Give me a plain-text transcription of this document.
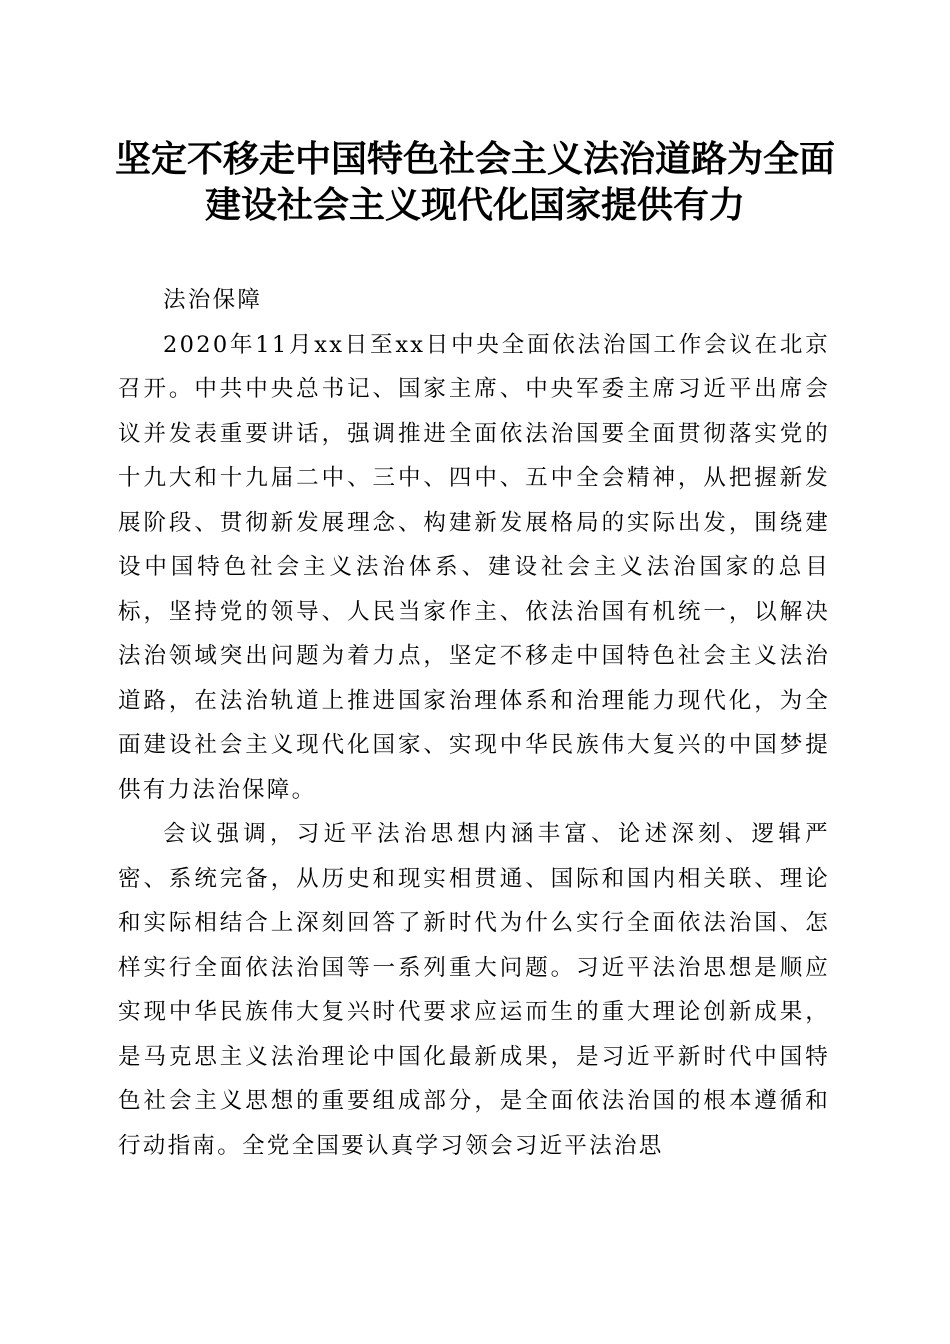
坚定不移走中国特色社会主义法治道路为全面
建设社会主义现代化国家提供有力

法治保障

2020年11月xx日至xx日中央全面依法治国工作会议在北京召开。中共中央总书记、国家主席、中央军委主席习近平出席会议并发表重要讲话，强调推进全面依法治国要全面贯彻落实党的十九大和十九届二中、三中、四中、五中全会精神，从把握新发展阶段、贯彻新发展理念、构建新发展格局的实际出发，围绕建设中国特色社会主义法治体系、建设社会主义法治国家的总目标，坚持党的领导、人民当家作主、依法治国有机统一，以解决法治领域突出问题为着力点，坚定不移走中国特色社会主义法治道路，在法治轨道上推进国家治理体系和治理能力现代化，为全面建设社会主义现代化国家、实现中华民族伟大复兴的中国梦提供有力法治保障。

会议强调，习近平法治思想内涵丰富、论述深刻、逻辑严密、系统完备，从历史和现实相贯通、国际和国内相关联、理论和实际相结合上深刻回答了新时代为什么实行全面依法治国、怎样实行全面依法治国等一系列重大问题。习近平法治思想是顺应实现中华民族伟大复兴时代要求应运而生的重大理论创新成果，是马克思主义法治理论中国化最新成果，是习近平新时代中国特色社会主义思想的重要组成部分，是全面依法治国的根本遵循和行动指南。全党全国要认真学习领会习近平法治思
